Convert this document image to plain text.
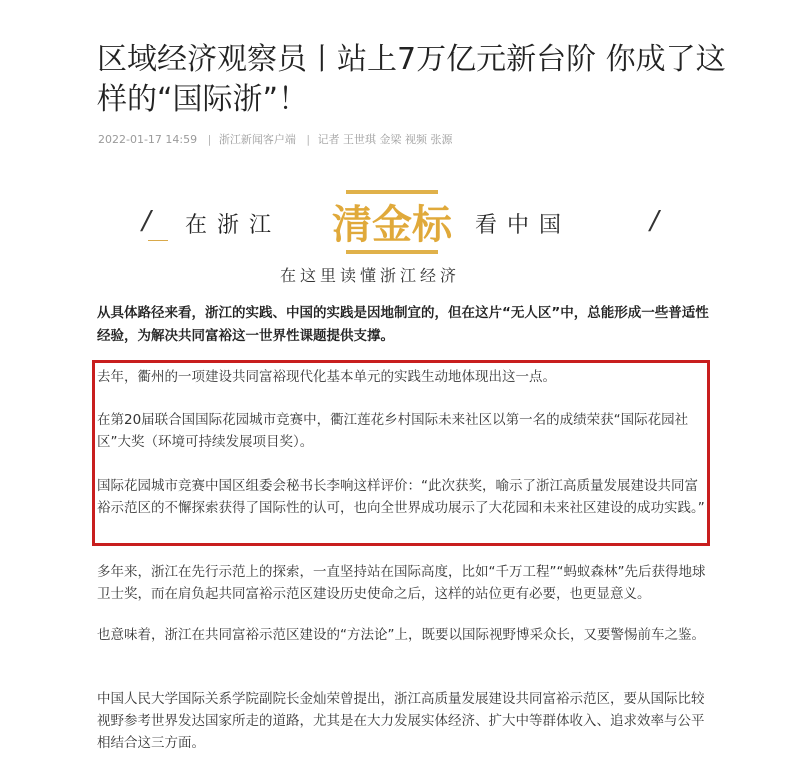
区域经济观察员丨站上7万亿元新台阶 你成了这样的“国际浙”！
2022-01-17 14:59 | 浙江新闻客户端 | 记者 王世琪 金梁 视频 张源
/ 在浙江 清金标 看中国	/
在这里读懂浙江经济

从具体路径来看，浙江的实践、中国的实践是因地制宜的，但在这片“无人区”中，总能形成一些普适性经验，为解决共同富裕这一世界性课题提供支撑。

去年，衢州的一项建设共同富裕现代化基本单元的实践生动地体现出这一点。

在第20届联合国国际花园城市竞赛中，衢江莲花乡村国际未来社区以第一名的成绩荣获“国际花园社区”大奖（环境可持续发展项目奖）。

国际花园城市竞赛中国区组委会秘书长李响这样评价：“此次获奖，喻示了浙江高质量发展建设共同富裕示范区的不懈探索获得了国际性的认可，也向全世界成功展示了大花园和未来社区建设的成功实践。”

多年来，浙江在先行示范上的探索，一直坚持站在国际高度，比如“千万工程”“蚂蚁森林”先后获得地球卫士奖，而在肩负起共同富裕示范区建设历史使命之后，这样的站位更有必要，也更显意义。

也意味着，浙江在共同富裕示范区建设的“方法论”上，既要以国际视野博采众长，又要警惕前车之鉴。

中国人民大学国际关系学院副院长金灿荣曾提出，浙江高质量发展建设共同富裕示范区，要从国际比较视野参考世界发达国家所走的道路，尤其是在大力发展实体经济、扩大中等群体收入、追求效率与公平相结合这三方面。
